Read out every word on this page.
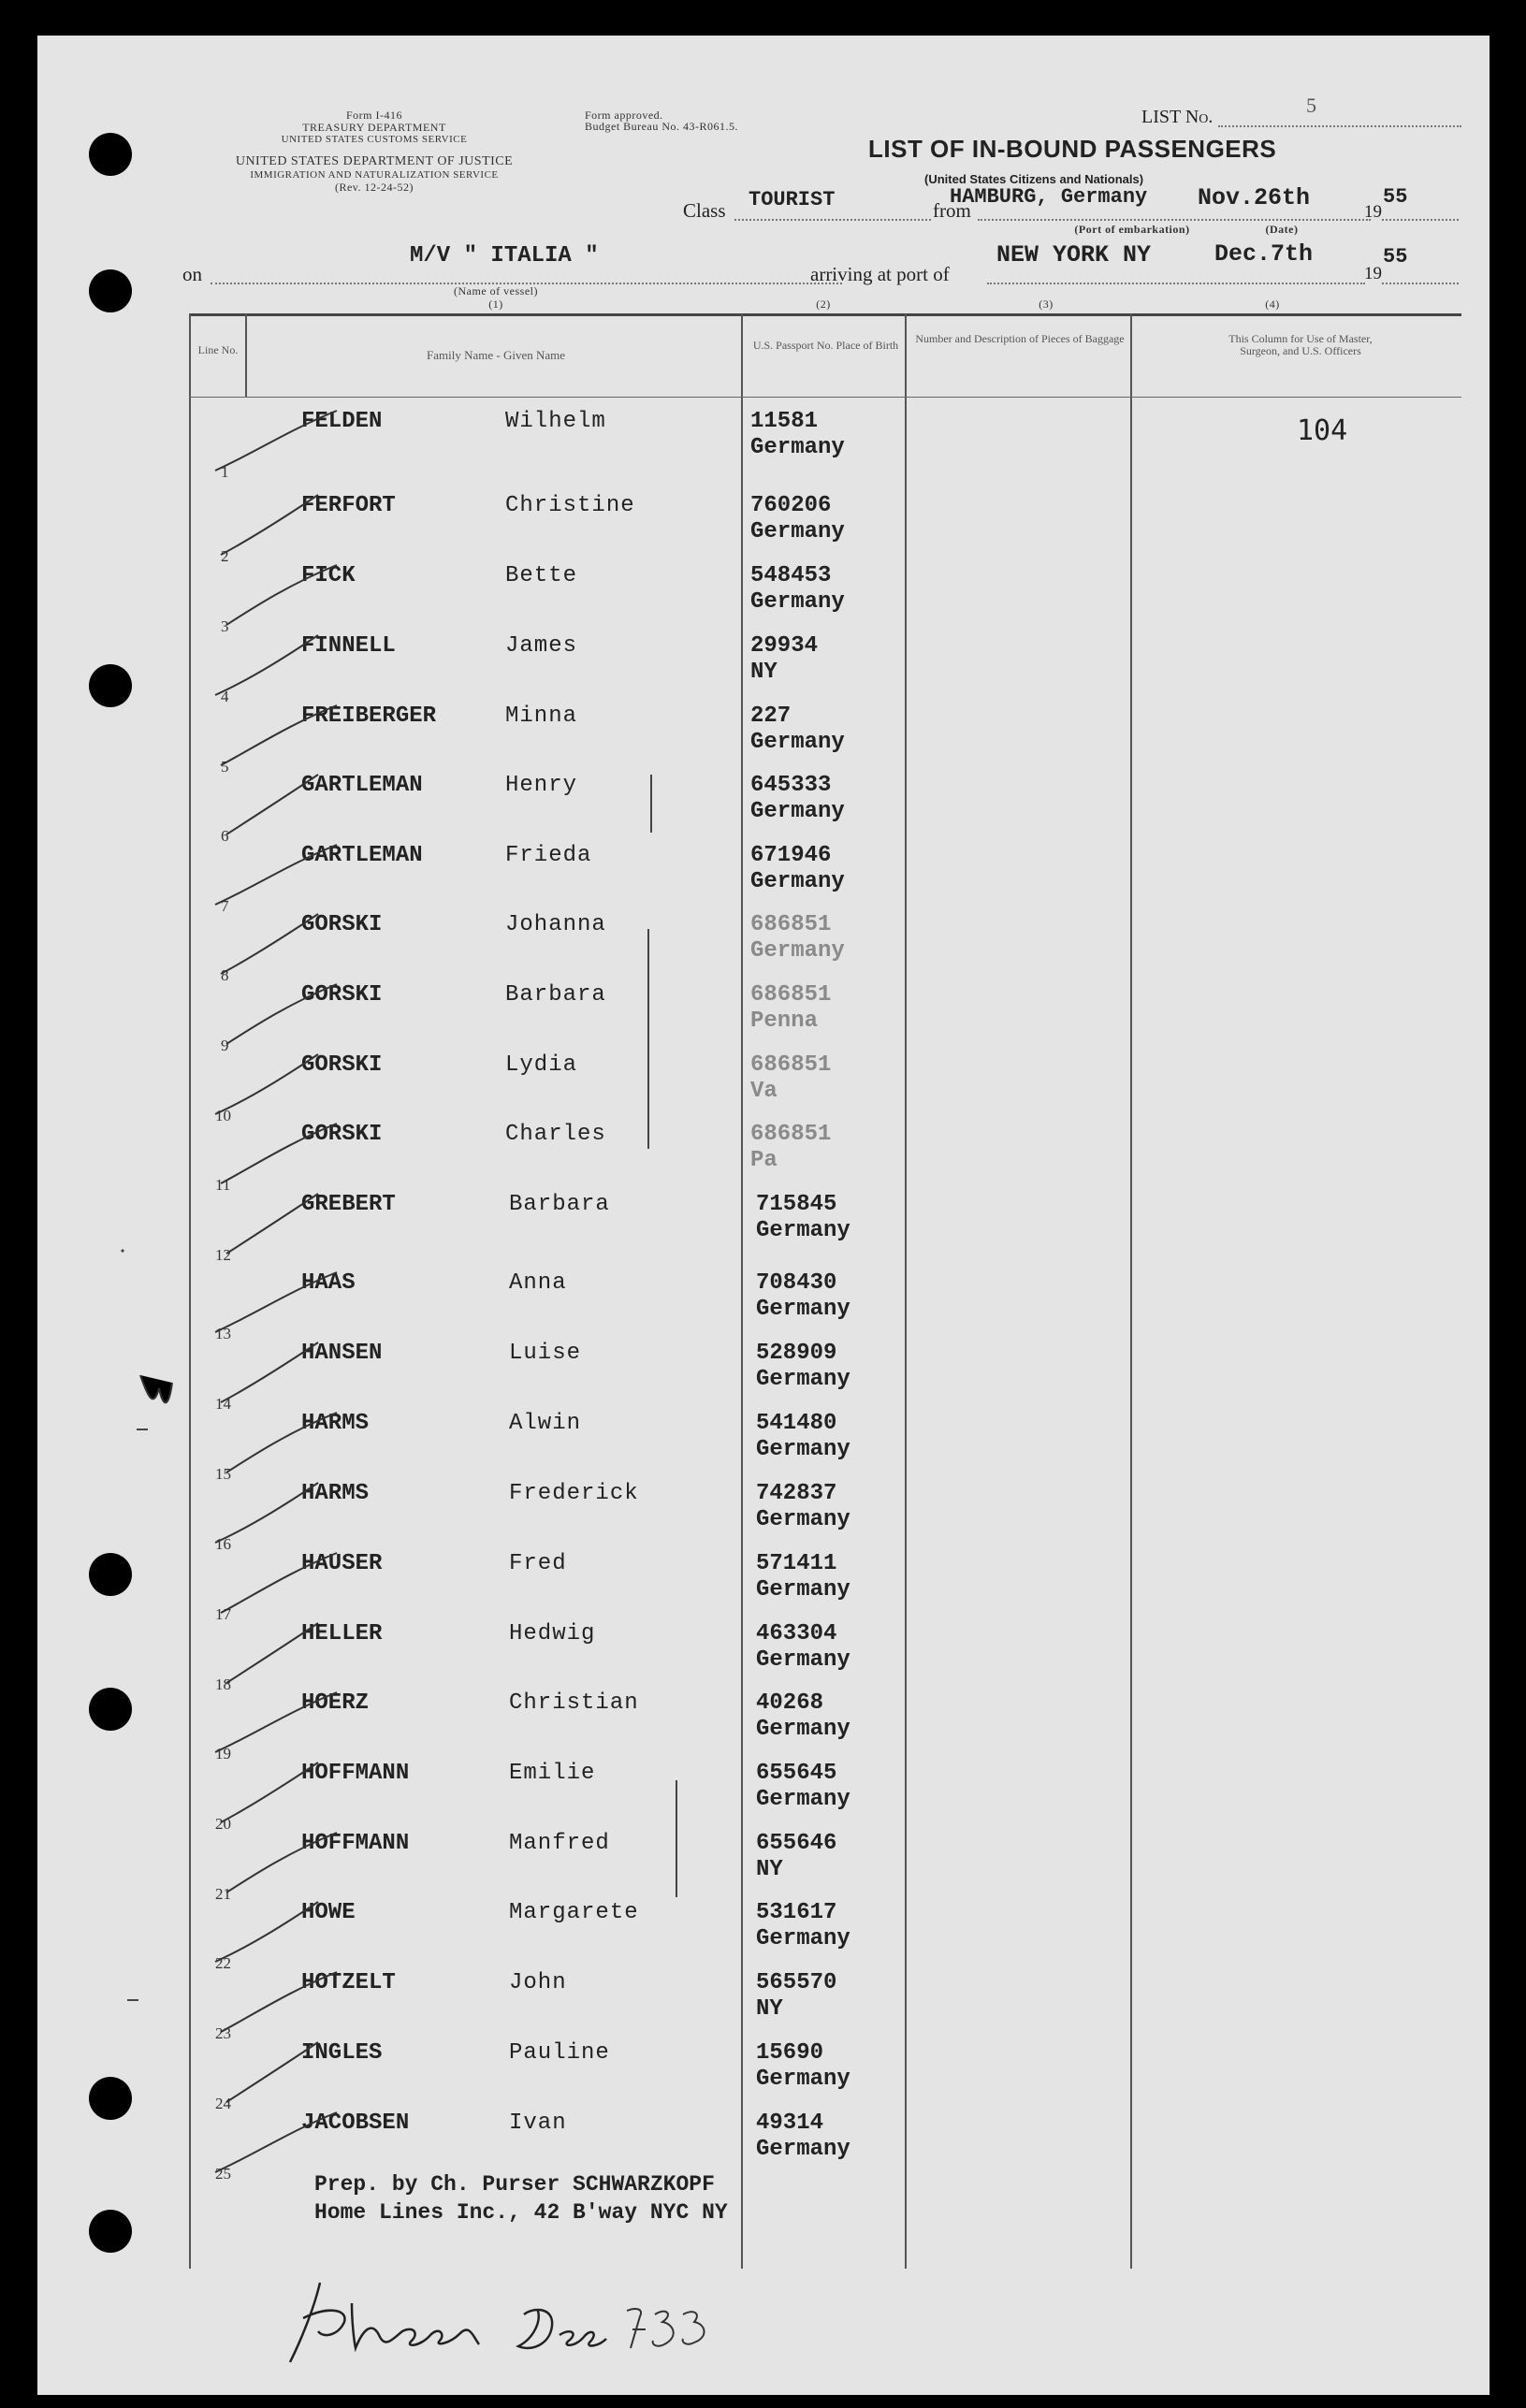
Form I-416
TREASURY DEPARTMENT
UNITED STATES CUSTOMS SERVICE
UNITED STATES DEPARTMENT OF JUSTICE
IMMIGRATION AND NATURALIZATION SERVICE
(Rev. 12-24-52)
Form approved.
Budget Bureau No. 43-R061.5.	LIST No.	5
LIST OF IN-BOUND PASSENGERS
(United States Citizens and Nationals)
Class TOURIST	from
HAMBURG, Germany Nov.26th
19
55
(Port of embarkation)	(Date)
on
M/V " ITALIA "
arriving at port of
NEW YORK NY	Dec.7th
19
55
(Name of vessel)
(1)	(2)	(3)	(4)
Line No.	Family Name - Given Name
U.S. Passport No. Place of Birth	Number and Description of Pieces of Baggage	This Column for Use of Master, Surgeon, and U.S. Officers
104
1
FELDEN	Wilhelm	11581
Germany
2
FERFORT	Christine	760206
Germany
3
FICK	Bette	548453
Germany
4
FINNELL	James	29934
NY
5
FREIBERGER	Minna	227
Germany
6
GARTLEMAN	Henry	645333
Germany
7
GARTLEMAN	Frieda	671946
Germany
8
GORSKI	Johanna	686851
Germany
9
GORSKI	Barbara	686851
Penna
10
GORSKI	Lydia	686851
Va
11
GORSKI	Charles	686851
Pa
12
GREBERT	Barbara	715845
Germany
13
HAAS	Anna	708430
Germany
14
HANSEN	Luise	528909
Germany
15
HARMS	Alwin	541480
Germany
16
HARMS	Frederick	742837
Germany
17
HAUSER	Fred	571411
Germany
18
HELLER	Hedwig	463304
Germany
19
HOERZ	Christian	40268
Germany
20
HOFFMANN	Emilie	655645
Germany
21
HOFFMANN	Manfred	655646
NY
22
HOWE	Margarete	531617
Germany
23
HOTZELT	John	565570
NY
24
INGLES	Pauline	15690
Germany
25
JACOBSEN	Ivan	49314
Germany
Prep. by Ch. Purser SCHWARZKOPF
Home Lines Inc., 42 B'way NYC NY
